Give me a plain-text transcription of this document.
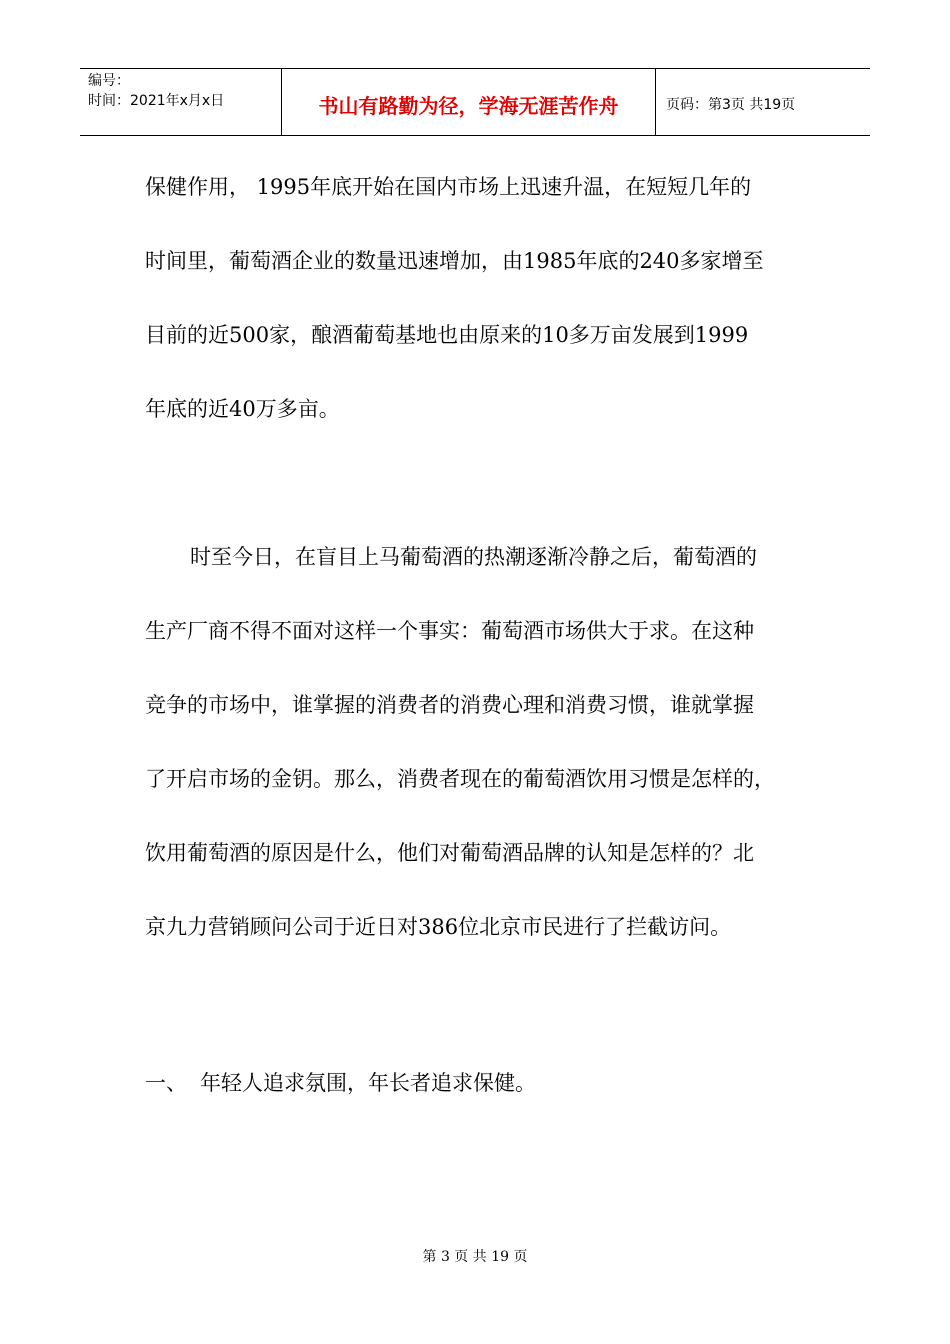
编号：
时间：2021年x月x日	书山有路勤为径，学海无涯苦作舟	页码：第3页 共19页
保健作用， 1995年底开始在国内市场上迅速升温，在短短几年的
时间里，葡萄酒企业的数量迅速增加，由1985年底的240多家增至
目前的近500家，酿酒葡萄基地也由原来的10多万亩发展到1999
年底的近40万多亩。
时至今日，在盲目上马葡萄酒的热潮逐渐冷静之后，葡萄酒的
生产厂商不得不面对这样一个事实：葡萄酒市场供大于求。在这种
竞争的市场中，谁掌握的消费者的消费心理和消费习惯，谁就掌握
了开启市场的金钥。那么，消费者现在的葡萄酒饮用习惯是怎样的，
饮用葡萄酒的原因是什么，他们对葡萄酒品牌的认知是怎样的？北
京九力营销顾问公司于近日对386位北京市民进行了拦截访问。
一、 年轻人追求氛围，年长者追求保健。
第 3 页 共 19 页
